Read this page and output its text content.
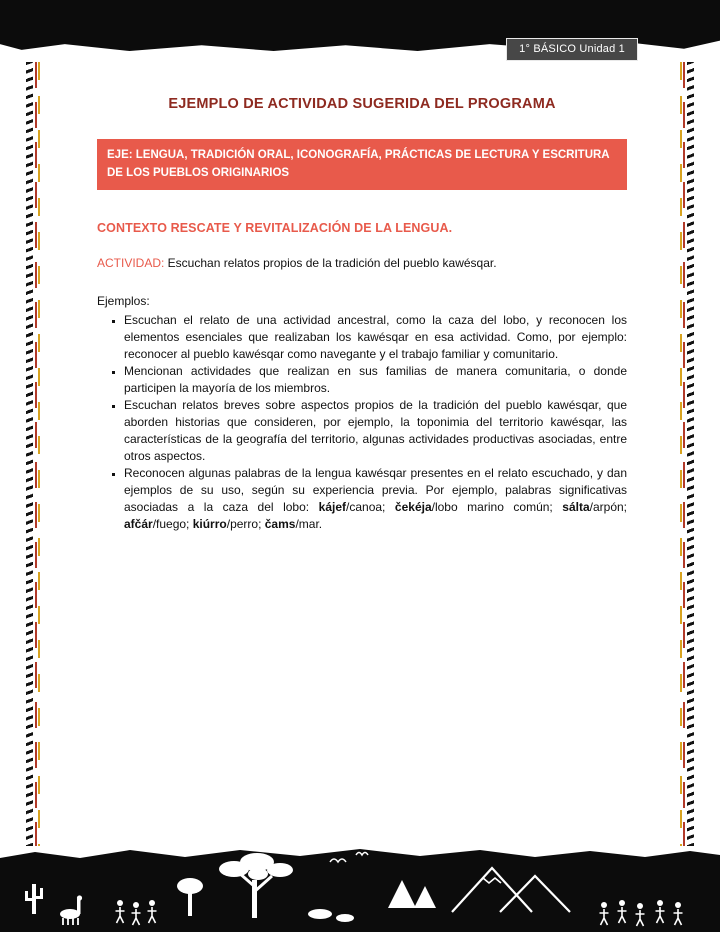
1° BÁSICO Unidad 1
EJEMPLO DE ACTIVIDAD SUGERIDA DEL PROGRAMA
EJE: LENGUA, TRADICIÓN ORAL, ICONOGRAFÍA, PRÁCTICAS DE LECTURA Y ESCRITURA DE LOS PUEBLOS ORIGINARIOS
CONTEXTO RESCATE Y REVITALIZACIÓN DE LA LENGUA.
ACTIVIDAD: Escuchan relatos propios de la tradición del pueblo kawésqar.
Ejemplos:
▪ Escuchan el relato de una actividad ancestral, como la caza del lobo, y reconocen los elementos esenciales que realizaban los kawésqar en esa actividad. Como, por ejemplo: reconocer al pueblo kawésqar como navegante y el trabajo familiar y comunitario.
▪ Mencionan actividades que realizan en sus familias de manera comunitaria, o donde participen la mayoría de los miembros.
▪ Escuchan relatos breves sobre aspectos propios de la tradición del pueblo kawésqar, que aborden historias que consideren, por ejemplo, la toponimia del territorio kawésqar, las características de la geografía del territorio, algunas actividades productivas asociadas, entre otros aspectos.
▪ Reconocen algunas palabras de la lengua kawésqar presentes en el relato escuchado, y dan ejemplos de su uso, según su experiencia previa. Por ejemplo, palabras significativas asociadas a la caza del lobo: kájef/canoa; čekéja/lobo marino común; sálta/arpón; afčár/fuego; kiúrro/perro; čams/mar.
